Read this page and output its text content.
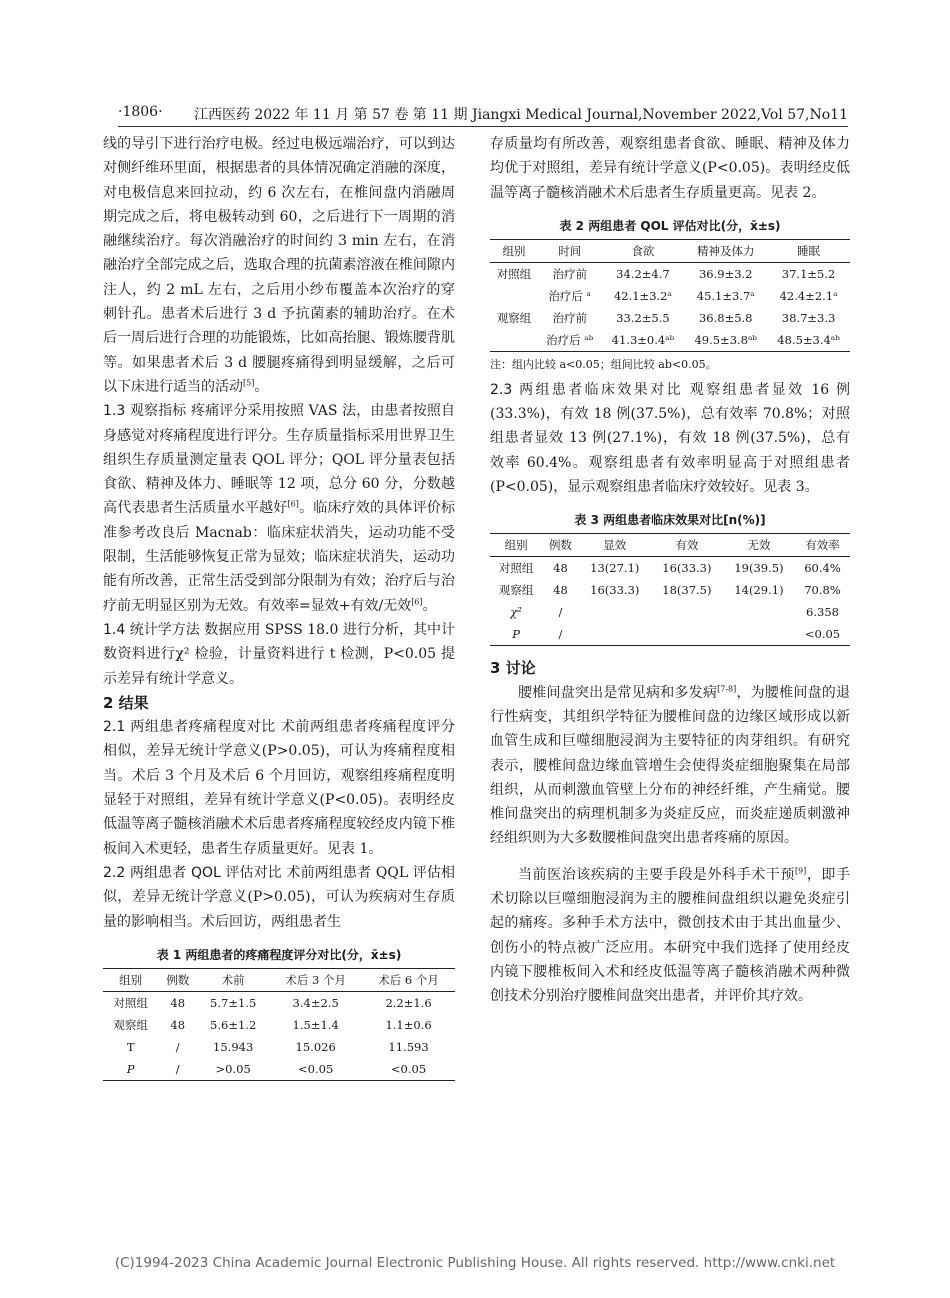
·1806· 江西医药 2022 年 11 月 第 57 卷 第 11 期 Jiangxi Medical Journal,November 2022,Vol 57,No11

线的导引下进行治疗电极。经过电极远端治疗，可以到达对侧纤维环里面，根据患者的具体情况确定消融的深度，对电极信息来回拉动，约 6 次左右，在椎间盘内消融周期完成之后，将电极转动到 60，之后进行下一周期的消融继续治疗。每次消融治疗的时间约 3 min 左右，在消融治疗全部完成之后，选取合理的抗菌素溶液在椎间隙内注人，约 2 mL 左右，之后用小纱布覆盖本次治疗的穿刺针孔。患者术后进行 3 d 予抗菌素的辅助治疗。在术后一周后进行合理的功能锻炼，比如高抬腿、锻炼腰背肌等。如果患者术后 3 d 腰腿疼痛得到明显缓解，之后可以下床进行适当的活动[5]。

1.3 观察指标 疼痛评分采用按照 VAS 法，由患者按照自身感觉对疼痛程度进行评分。生存质量指标采用世界卫生组织生存质量测定量表 QOL 评分；QOL 评分量表包括食欲、精神及体力、睡眠等 12 项，总分 60 分，分数越高代表患者生活质量水平越好[6]。临床疗效的具体评价标准参考改良后 Macnab：临床症状消失，运动功能不受限制，生活能够恢复正常为显效；临床症状消失，运动功能有所改善，正常生活受到部分限制为有效；治疗后与治疗前无明显区别为无效。有效率=显效+有效/无效[6]。

1.4 统计学方法 数据应用 SPSS 18.0 进行分析，其中计数资料进行χ² 检验，计量资料进行 t 检测，P<0.05 提示差异有统计学意义。

2 结果

2.1 两组患者疼痛程度对比 术前两组患者疼痛程度评分相似，差异无统计学意义(P>0.05)，可认为疼痛程度相当。术后 3 个月及术后 6 个月回访，观察组疼痛程度明显轻于对照组，差异有统计学意义(P<0.05)。表明经皮低温等离子髓核消融术术后患者疼痛程度较经皮内镜下椎板间入术更轻，患者生存质量更好。见表 1。

2.2 两组患者 QOL 评估对比 术前两组患者 QQL 评估相似，差异无统计学意义(P>0.05)，可认为疾病对生存质量的影响相当。术后回访，两组患者生

表 1 两组患者的疼痛程度评分对比(分，x̄±s)
组别	例数	术前	术后 3 个月	术后 6 个月
对照组	48	5.7±1.5	3.4±2.5	2.2±1.6
观察组	48	5.6±1.2	1.5±1.4	1.1±0.6
T	/	15.943	15.026	11.593
P	/	>0.05	<0.05	<0.05

存质量均有所改善，观察组患者食欲、睡眠、精神及体力均优于对照组，差异有统计学意义(P<0.05)。表明经皮低温等离子髓核消融术术后患者生存质量更高。见表 2。

表 2 两组患者 QOL 评估对比(分，x̄±s)
组别	时间	食欲	精神及体力	睡眠
对照组	治疗前	34.2±4.7	36.9±3.2	37.1±5.2
	治疗后 ᵃ	42.1±3.2ᵃ	45.1±3.7ᵃ	42.4±2.1ᵃ
观察组	治疗前	33.2±5.5	36.8±5.8	38.7±3.3
	治疗后 ᵃᵇ	41.3±0.4ᵃᵇ	49.5±3.8ᵃᵇ	48.5±3.4ᵃᵇ
注：组内比较 a<0.05；组间比较 ab<0.05。

2.3 两组患者临床效果对比 观察组患者显效 16 例(33.3%)，有效 18 例(37.5%)，总有效率 70.8%；对照组患者显效 13 例(27.1%)，有效 18 例(37.5%)，总有效率 60.4%。观察组患者有效率明显高于对照组患者(P<0.05)，显示观察组患者临床疗效较好。见表 3。

表 3 两组患者临床效果对比[n(%)]
组别	例数	显效	有效	无效	有效率
对照组	48	13(27.1)	16(33.3)	19(39.5)	60.4%
观察组	48	16(33.3)	18(37.5)	14(29.1)	70.8%
χ²	/				6.358
P	/				<0.05

3 讨论

腰椎间盘突出是常见病和多发病[7-8]，为腰椎间盘的退行性病变，其组织学特征为腰椎间盘的边缘区域形成以新血管生成和巨噬细胞浸润为主要特征的肉芽组织。有研究表示，腰椎间盘边缘血管增生会使得炎症细胞聚集在局部组织，从而刺激血管壁上分布的神经纤维，产生痛觉。腰椎间盘突出的病理机制多为炎症反应，而炎症递质刺激神经组织则为大多数腰椎间盘突出患者疼痛的原因。

当前医治该疾病的主要手段是外科手术干预[9]，即手术切除以巨噬细胞浸润为主的腰椎间盘组织以避免炎症引起的痛疼。多种手术方法中，微创技术由于其出血量少、创伤小的特点被广泛应用。本研究中我们选择了使用经皮内镜下腰椎板间入术和经皮低温等离子髓核消融术两种微创技术分别治疗腰椎间盘突出患者，并评价其疗效。

(C)1994-2023 China Academic Journal Electronic Publishing House. All rights reserved. http://www.cnki.net
